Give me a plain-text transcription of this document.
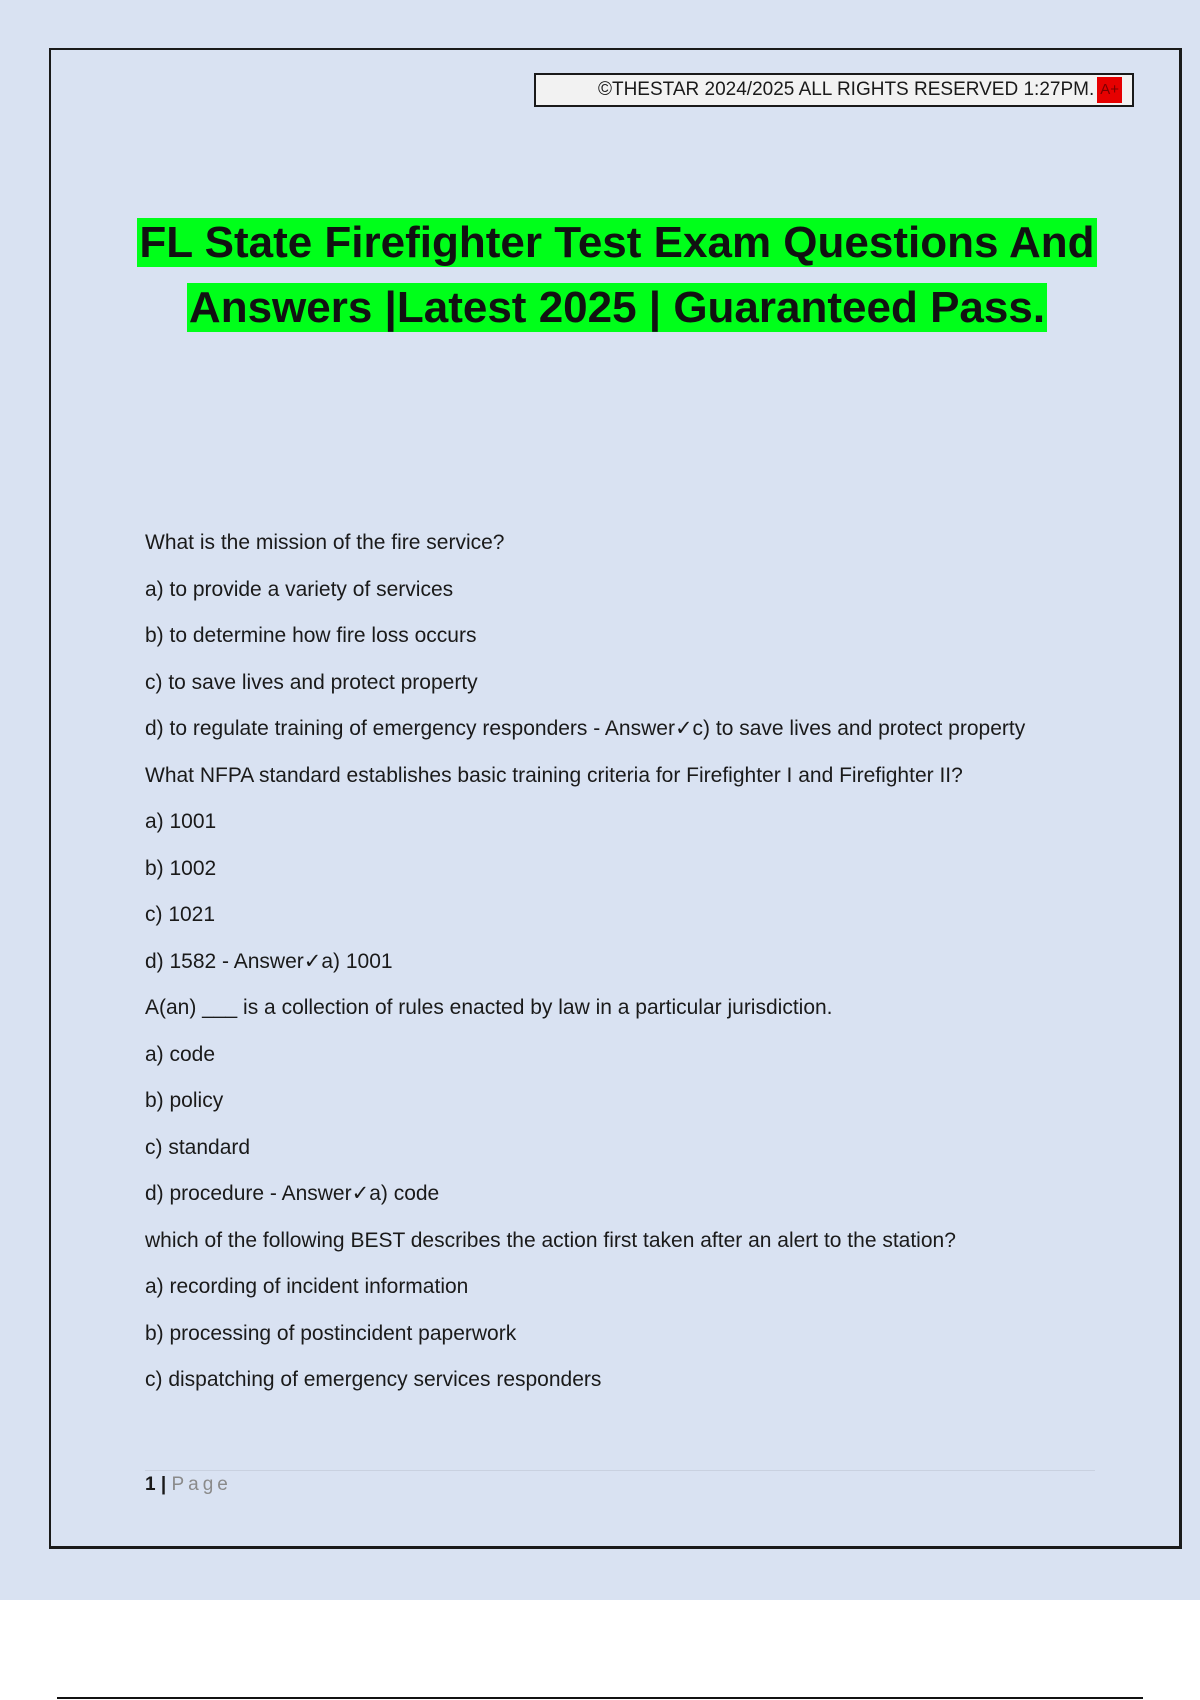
©THESTAR 2024/2025 ALL RIGHTS RESERVED 1:27PM. A+
FL State Firefighter Test Exam Questions And
Answers |Latest 2025 | Guaranteed Pass.
What is the mission of the fire service?
a) to provide a variety of services
b) to determine how fire loss occurs
c) to save lives and protect property
d) to regulate training of emergency responders - Answer✓c) to save lives and protect property
What NFPA standard establishes basic training criteria for Firefighter I and Firefighter II?
a) 1001
b) 1002
c) 1021
d) 1582 - Answer✓a) 1001
A(an) ___ is a collection of rules enacted by law in a particular jurisdiction.
a) code
b) policy
c) standard
d) procedure - Answer✓a) code
which of the following BEST describes the action first taken after an alert to the station?
a) recording of incident information
b) processing of postincident paperwork
c) dispatching of emergency services responders
1 | Page
